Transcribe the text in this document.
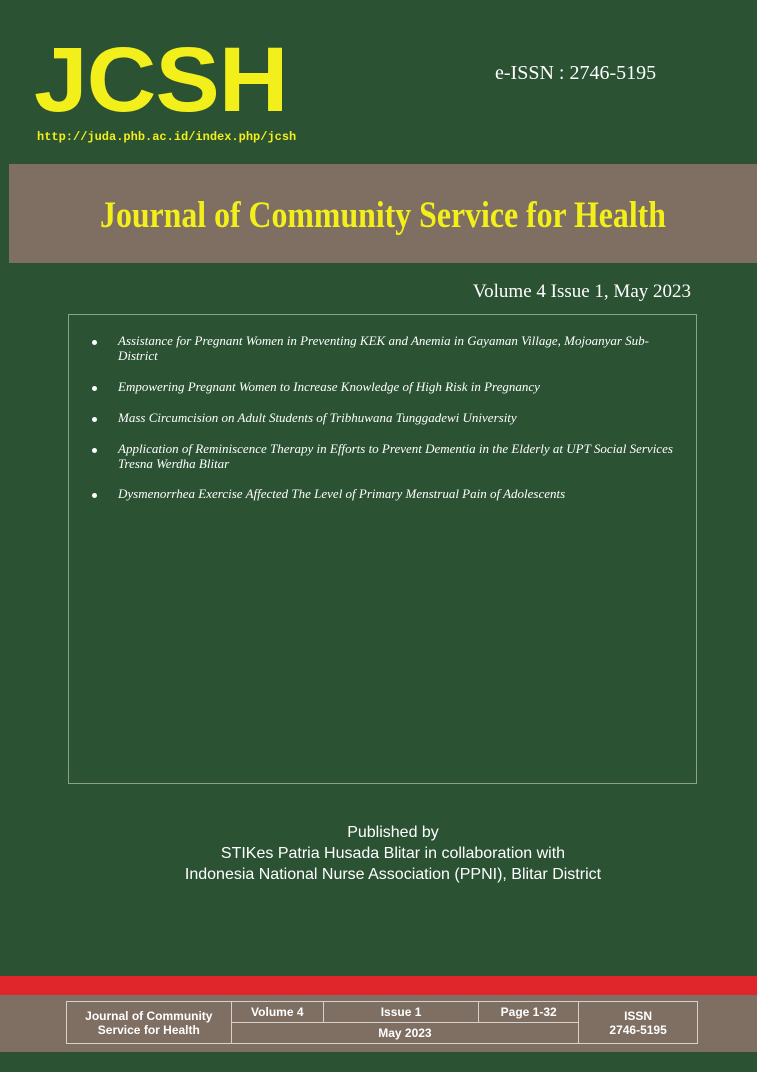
JCSH
http://juda.phb.ac.id/index.php/jcsh
e-ISSN : 2746-5195
Journal of Community Service for Health
Volume 4 Issue 1, May 2023
Assistance for Pregnant Women in Preventing KEK and Anemia in Gayaman Village, Mojoanyar Sub-District
Empowering Pregnant Women to Increase Knowledge of High Risk in Pregnancy
Mass Circumcision on Adult Students of Tribhuwana Tunggadewi University
Application of Reminiscence Therapy in Efforts to Prevent Dementia in the Elderly at UPT Social Services Tresna Werdha Blitar
Dysmenorrhea Exercise Affected The Level of Primary Menstrual Pain of Adolescents
Published by
STIKes Patria Husada Blitar in collaboration with
Indonesia National Nurse Association (PPNI), Blitar District
Journal of Community Service for Health	Volume 4	Issue 1	Page 1-32	ISSN
2746-5195

May 2023
